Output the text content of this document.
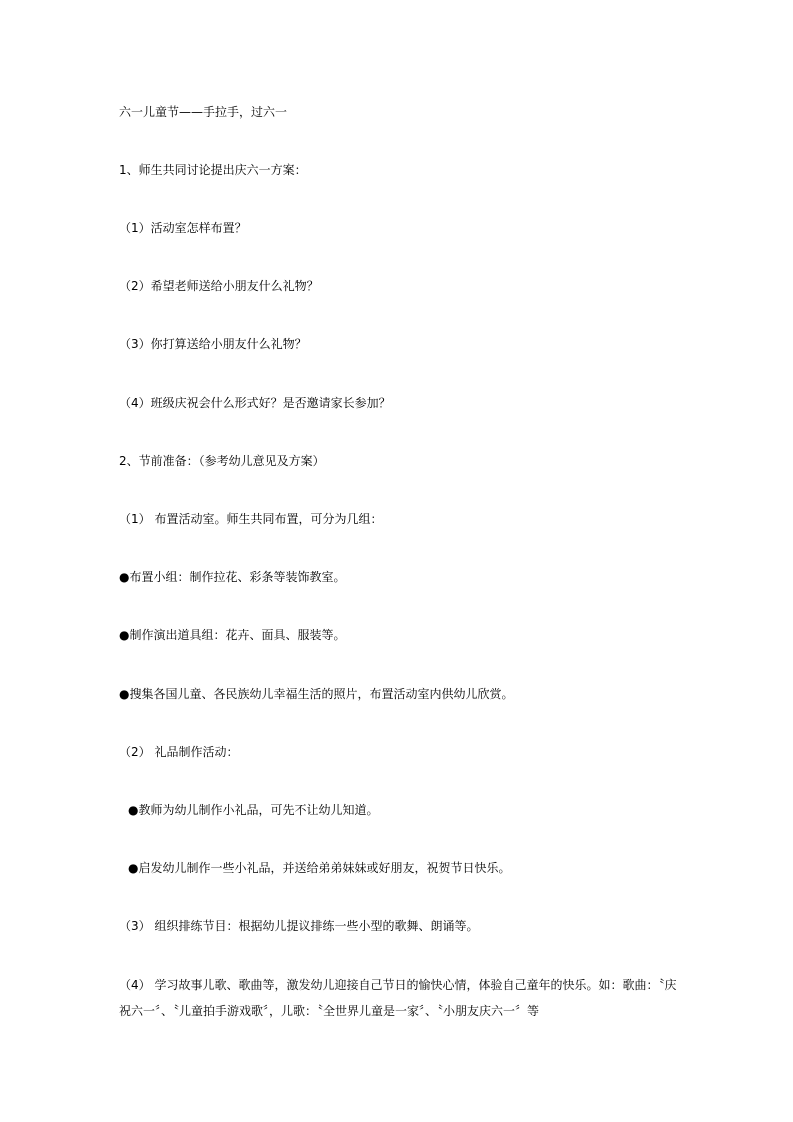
六一儿童节——手拉手，过六一

1、师生共同讨论提出庆六一方案：

（1）活动室怎样布置？

（2）希望老师送给小朋友什么礼物？

（3）你打算送给小朋友什么礼物？

（4）班级庆祝会什么形式好？是否邀请家长参加？

2、节前准备：（参考幼儿意见及方案）

（1） 布置活动室。师生共同布置，可分为几组：

●布置小组：制作拉花、彩条等装饰教室。

●制作演出道具组：花卉、面具、服装等。

●搜集各国儿童、各民族幼儿幸福生活的照片，布置活动室内供幼儿欣赏。

（2） 礼品制作活动：

●教师为幼儿制作小礼品，可先不让幼儿知道。

●启发幼儿制作一些小礼品，并送给弟弟妹妹或好朋友，祝贺节日快乐。

（3） 组织排练节目：根据幼儿提议排练一些小型的歌舞、朗诵等。

（4） 学习故事儿歌、歌曲等，激发幼儿迎接自己节日的愉快心情，体验自己童年的快乐。如：歌曲：〝庆

祝六一〞、〝儿童拍手游戏歌〞，儿歌：〝全世界儿童是一家〞、〝小朋友庆六一〞等
